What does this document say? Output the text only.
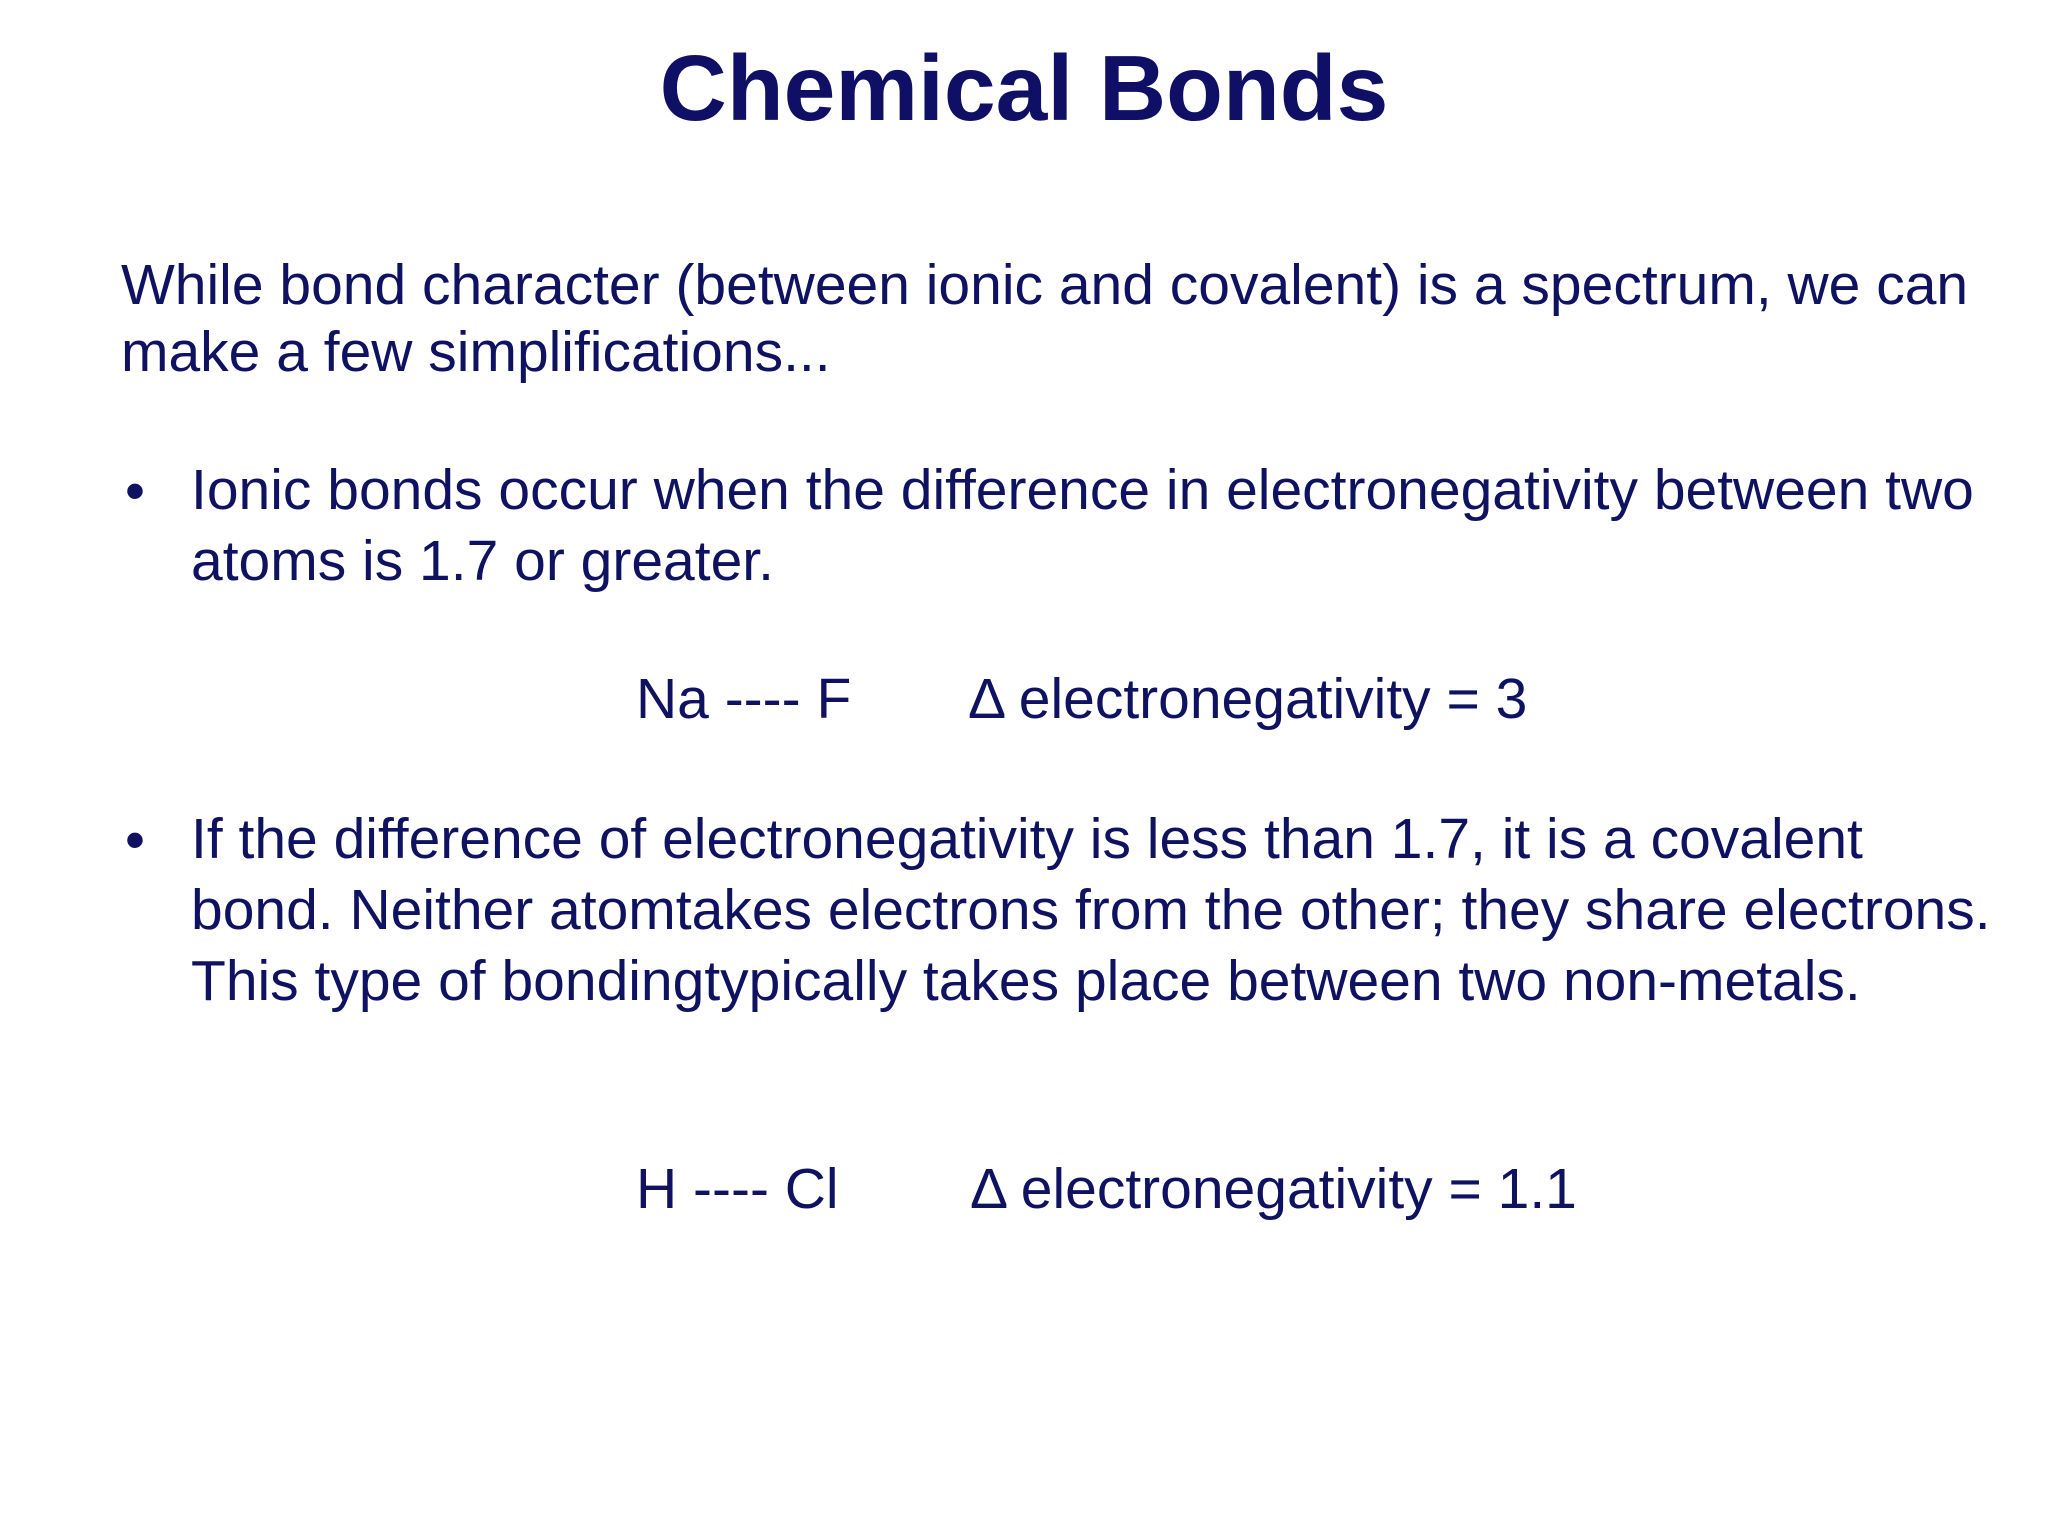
Chemical Bonds

While bond character (between ionic and covalent) is a spectrum, we can make a few simplifications...

• Ionic bonds occur when the difference in electronegativity between two atoms is 1.7 or greater.
Na ---- F Δ electronegativity = 3
• If the difference of electronegativity is less than 1.7, it is a covalent bond. Neither atomtakes electrons from the other; they share electrons. This type of bondingtypically takes place between two non-metals.
H ---- Cl Δ electronegativity = 1.1
